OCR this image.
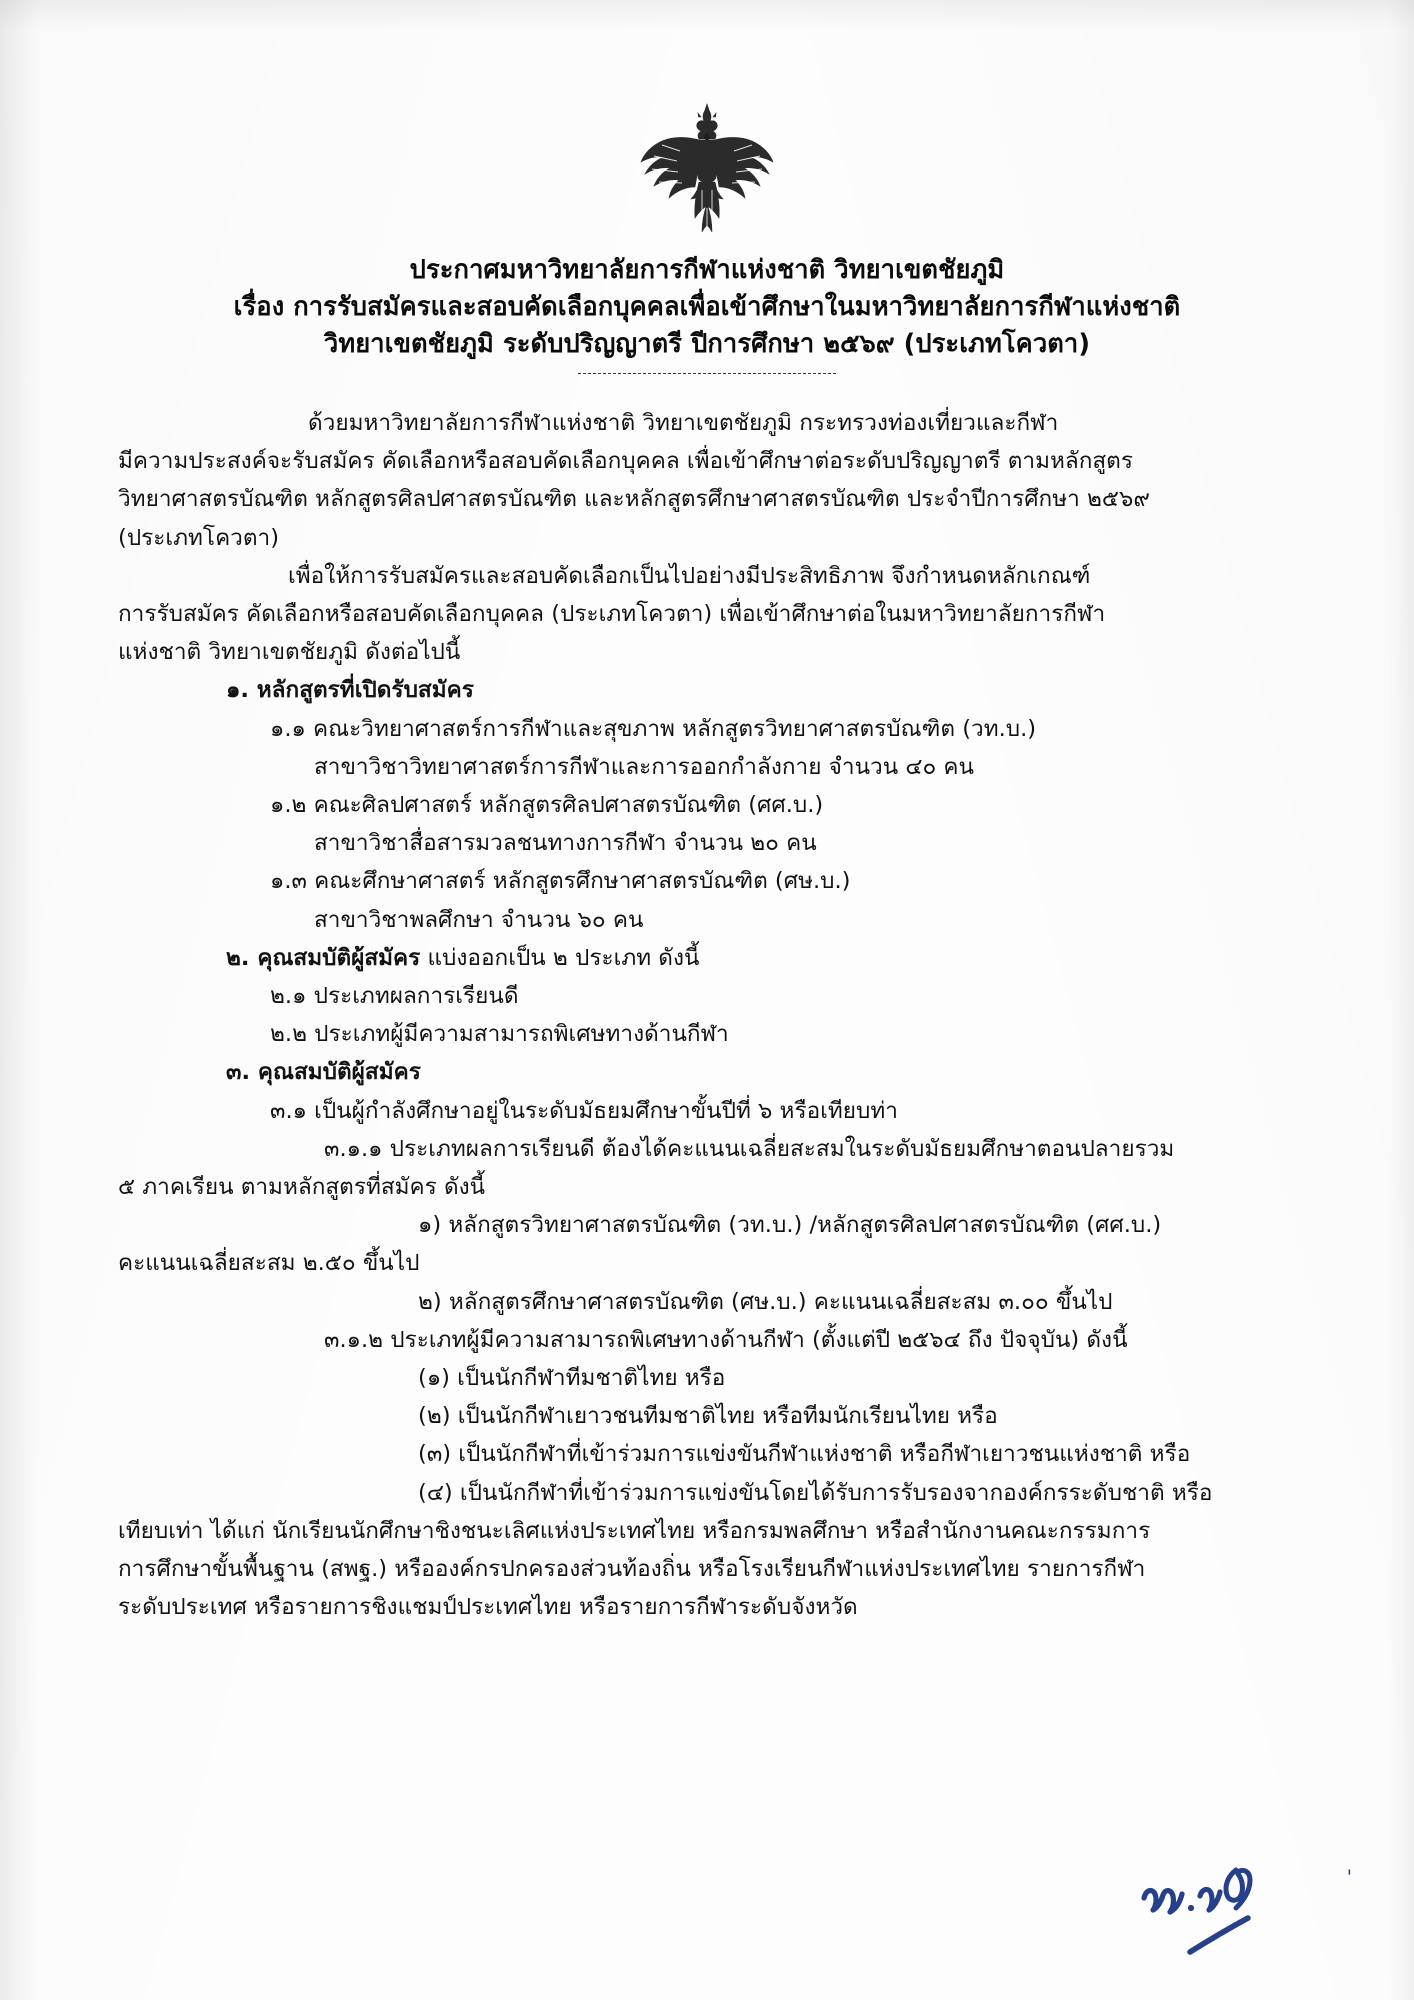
ประกาศมหาวิทยาลัยการกีฬาแห่งชาติ วิทยาเขตชัยภูมิ
เรื่อง การรับสมัครและสอบคัดเลือกบุคคลเพื่อเข้าศึกษาในมหาวิทยาลัยการกีฬาแห่งชาติ
วิทยาเขตชัยภูมิ ระดับปริญญาตรี ปีการศึกษา ๒๕๖๙ (ประเภทโควตา)

ด้วยมหาวิทยาลัยการกีฬาแห่งชาติ วิทยาเขตชัยภูมิ กระทรวงท่องเที่ยวและกีฬา

มีความประสงค์จะรับสมัคร คัดเลือกหรือสอบคัดเลือกบุคคล เพื่อเข้าศึกษาต่อระดับปริญญาตรี ตามหลักสูตร

วิทยาศาสตรบัณฑิต หลักสูตรศิลปศาสตรบัณฑิต และหลักสูตรศึกษาศาสตรบัณฑิต ประจำปีการศึกษา ๒๕๖๙

(ประเภทโควตา)

เพื่อให้การรับสมัครและสอบคัดเลือกเป็นไปอย่างมีประสิทธิภาพ จึงกำหนดหลักเกณฑ์

การรับสมัคร คัดเลือกหรือสอบคัดเลือกบุคคล (ประเภทโควตา) เพื่อเข้าศึกษาต่อในมหาวิทยาลัยการกีฬา

แห่งชาติ วิทยาเขตชัยภูมิ ดังต่อไปนี้

๑. หลักสูตรที่เปิดรับสมัคร

๑.๑ คณะวิทยาศาสตร์การกีฬาและสุขภาพ หลักสูตรวิทยาศาสตรบัณฑิต (วท.บ.)

สาขาวิชาวิทยาศาสตร์การกีฬาและการออกกำลังกาย จำนวน ๔๐ คน

๑.๒ คณะศิลปศาสตร์ หลักสูตรศิลปศาสตรบัณฑิต (ศศ.บ.)

สาขาวิชาสื่อสารมวลชนทางการกีฬา จำนวน ๒๐ คน

๑.๓ คณะศึกษาศาสตร์ หลักสูตรศึกษาศาสตรบัณฑิต (ศษ.บ.)

สาขาวิชาพลศึกษา จำนวน ๖๐ คน

๒. คุณสมบัติผู้สมัคร แบ่งออกเป็น ๒ ประเภท ดังนี้

๒.๑ ประเภทผลการเรียนดี

๒.๒ ประเภทผู้มีความสามารถพิเศษทางด้านกีฬา

๓. คุณสมบัติผู้สมัคร

๓.๑ เป็นผู้กำลังศึกษาอยู่ในระดับมัธยมศึกษาขั้นปีที่ ๖ หรือเทียบท่า

๓.๑.๑ ประเภทผลการเรียนดี ต้องได้คะแนนเฉลี่ยสะสมในระดับมัธยมศึกษาตอนปลายรวม

๕ ภาคเรียน ตามหลักสูตรที่สมัคร ดังนี้

๑) หลักสูตรวิทยาศาสตรบัณฑิต (วท.บ.) /หลักสูตรศิลปศาสตรบัณฑิต (ศศ.บ.)

คะแนนเฉลี่ยสะสม ๒.๕๐ ขึ้นไป

๒) หลักสูตรศึกษาศาสตรบัณฑิต (ศษ.บ.) คะแนนเฉลี่ยสะสม ๓.๐๐ ขึ้นไป

๓.๑.๒ ประเภทผู้มีความสามารถพิเศษทางด้านกีฬา (ตั้งแต่ปี ๒๕๖๔ ถึง ปัจจุบัน) ดังนี้

(๑) เป็นนักกีฬาทีมชาติไทย หรือ

(๒) เป็นนักกีฬาเยาวชนทีมชาติไทย หรือทีมนักเรียนไทย หรือ

(๓) เป็นนักกีฬาที่เข้าร่วมการแข่งขันกีฬาแห่งชาติ หรือกีฬาเยาวชนแห่งชาติ หรือ

(๔) เป็นนักกีฬาที่เข้าร่วมการแข่งขันโดยได้รับการรับรองจากองค์กรระดับชาติ หรือ

เทียบเท่า ได้แก่ นักเรียนนักศึกษาชิงชนะเลิศแห่งประเทศไทย หรือกรมพลศึกษา หรือสำนักงานคณะกรรมการ

การศึกษาขั้นพื้นฐาน (สพฐ.) หรือองค์กรปกครองส่วนท้องถิ่น หรือโรงเรียนกีฬาแห่งประเทศไทย รายการกีฬา

ระดับประเทศ หรือรายการชิงแชมป์ประเทศไทย หรือรายการกีฬาระดับจังหวัด

'
